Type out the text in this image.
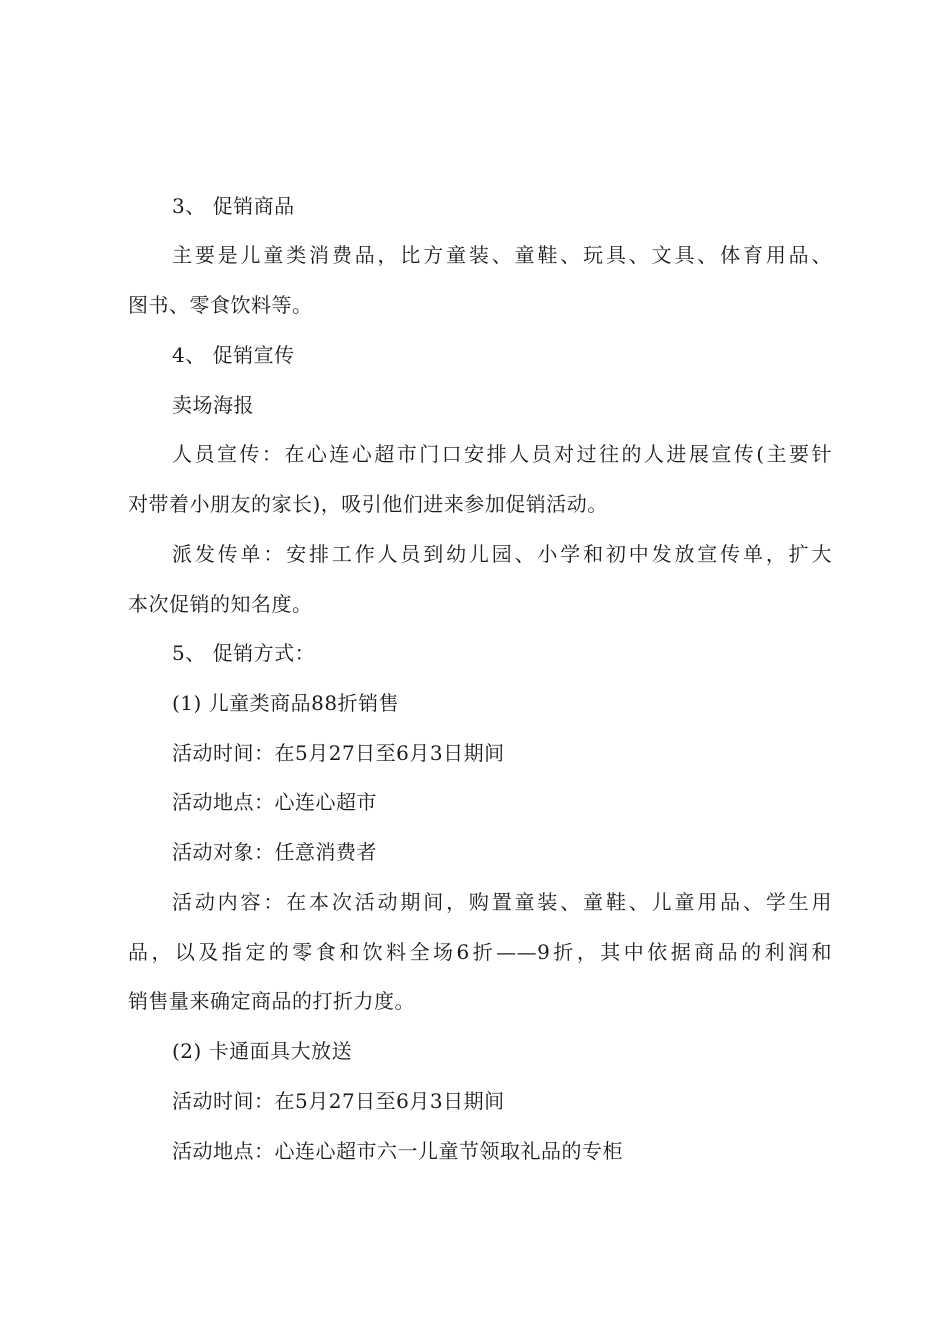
3、 促销商品
主要是儿童类消费品，比方童装、童鞋、玩具、文具、体育用品、
图书、零食饮料等。
4、 促销宣传
卖场海报
人员宣传：在心连心超市门口安排人员对过往的人进展宣传(主要针
对带着小朋友的家长)，吸引他们进来参加促销活动。
派发传单：安排工作人员到幼儿园、小学和初中发放宣传单，扩大
本次促销的知名度。
5、 促销方式：
(1) 儿童类商品88折销售
活动时间：在5月27日至6月3日期间
活动地点：心连心超市
活动对象：任意消费者
活动内容：在本次活动期间，购置童装、童鞋、儿童用品、学生用
品，以及指定的零食和饮料全场6折——9折，其中依据商品的利润和
销售量来确定商品的打折力度。
(2) 卡通面具大放送
活动时间：在5月27日至6月3日期间
活动地点：心连心超市六一儿童节领取礼品的专柜
